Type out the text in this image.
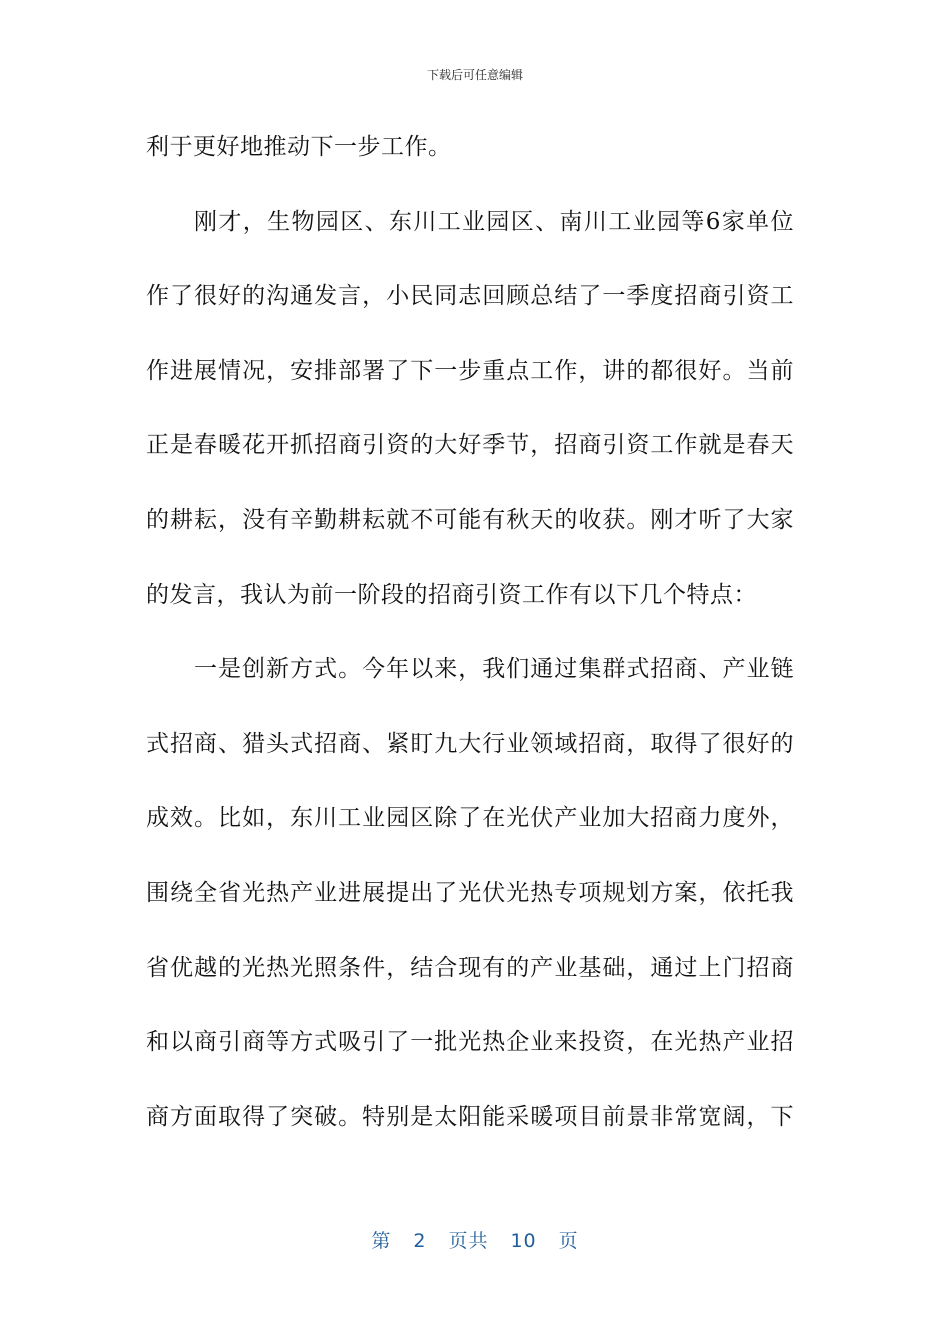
下载后可任意编辑
利于更好地推动下一步工作。
刚才，生物园区、东川工业园区、南川工业园等6家单位
作了很好的沟通发言，小民同志回顾总结了一季度招商引资工
作进展情况，安排部署了下一步重点工作，讲的都很好。当前
正是春暖花开抓招商引资的大好季节，招商引资工作就是春天
的耕耘，没有辛勤耕耘就不可能有秋天的收获。刚才听了大家
的发言，我认为前一阶段的招商引资工作有以下几个特点：
一是创新方式。今年以来，我们通过集群式招商、产业链
式招商、猎头式招商、紧盯九大行业领域招商，取得了很好的
成效。比如，东川工业园区除了在光伏产业加大招商力度外，
围绕全省光热产业进展提出了光伏光热专项规划方案，依托我
省优越的光热光照条件，结合现有的产业基础，通过上门招商
和以商引商等方式吸引了一批光热企业来投资，在光热产业招
商方面取得了突破。特别是太阳能采暖项目前景非常宽阔，下
第 2 页共 10 页
